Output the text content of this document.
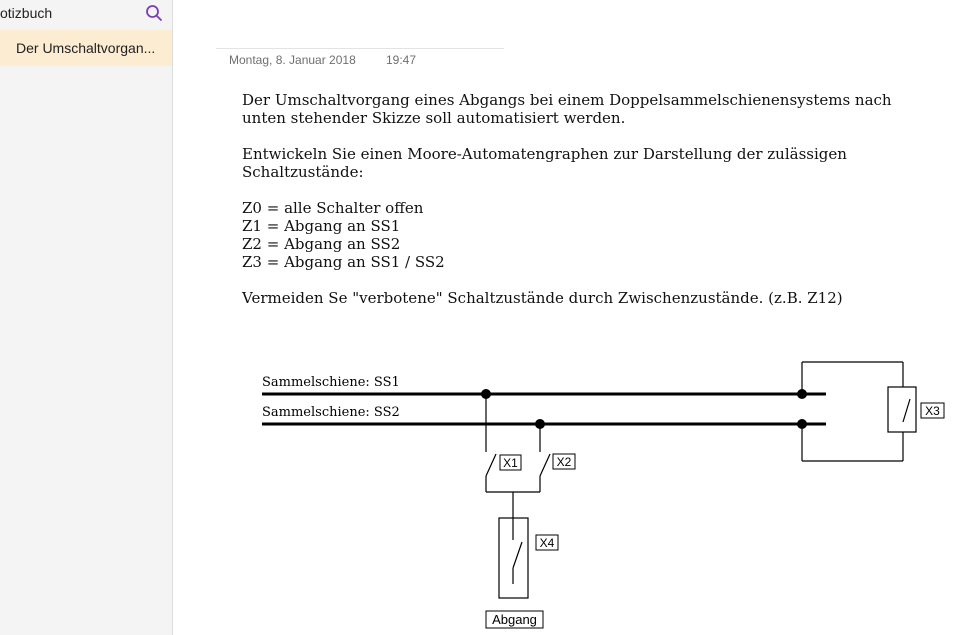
otizbuch
Der Umschaltvorgan...
Montag, 8. Januar 2018	19:47

Der Umschaltvorgang eines Abgangs bei einem Doppelsammelschienensystems nach unten stehender Skizze soll automatisiert werden.

Entwickeln Sie einen Moore-Automatengraphen zur Darstellung der zulässigen Schaltzustände:

Z0 = alle Schalter offen

Z1 = Abgang an SS1

Z2 = Abgang an SS2

Z3 = Abgang an SS1 / SS2

Vermeiden Se "verbotene" Schaltzustände durch Zwischenzustände. (z.B. Z12)

Sammelschiene: SS1
Sammelschiene: SS2
X1	X2
X4
Abgang
X3
